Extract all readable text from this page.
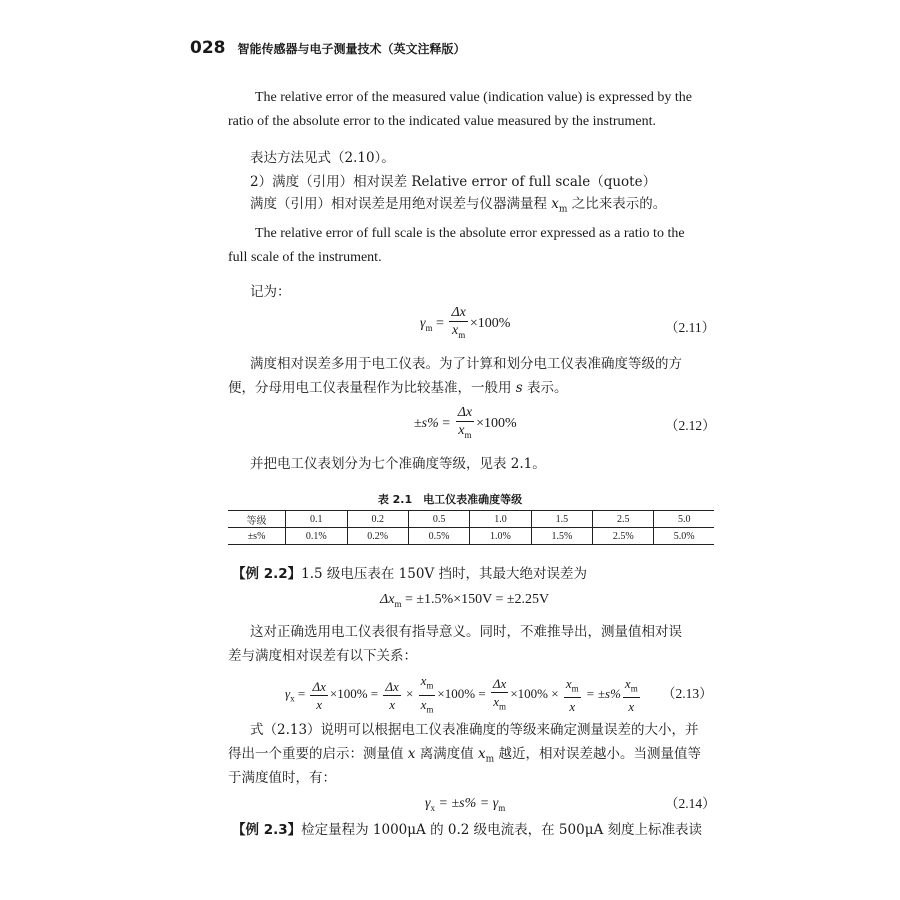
028 智能传感器与电子测量技术（英文注释版）
The relative error of the measured value (indication value) is expressed by the
ratio of the absolute error to the indicated value measured by the instrument.
表达方法见式（2.10）。
2）满度（引用）相对误差 Relative error of full scale（quote）
满度（引用）相对误差是用绝对误差与仪器满量程 $x_m$ 之比来表示的。
The relative error of full scale is the absolute error expressed as a ratio to the
full scale of the instrument.
记为：
$\gamma_m = \frac{\Delta x}{x_m} \times 100\%$	（2.11）
满度相对误差多用于电工仪表。为了计算和划分电工仪表准确度等级的方
便，分母用电工仪表量程作为比较基准，一般用 s 表示。
$\pm s\% = \frac{\Delta x}{x_m} \times 100\%$	（2.12）
并把电工仪表划分为七个准确度等级，见表 2.1。
表 2.1　电工仪表准确度等级
等级	0.1	0.2	0.5	1.0	1.5	2.5	5.0
±s%	0.1%	0.2%	0.5%	1.0%	1.5%	2.5%	5.0%
【例 2.2】1.5 级电压表在 150V 挡时，其最大绝对误差为
$\Delta x_m = \pm 1.5\%\times 150V = \pm 2.25V$
这对正确选用电工仪表很有指导意义。同时，不难推导出，测量值相对误
差与满度相对误差有以下关系：
$\gamma_x = \frac{\Delta x}{x} \times 100\% = \frac{\Delta x}{x} \times \frac{x_m}{x_m} \times 100\% = \frac{\Delta x}{x_m} \times 100\% \times \frac{x_m}{x} = \pm s\% \frac{x_m}{x} (2.13)$
式（2.13）说明可以根据电工仪表准确度的等级来确定测量误差的大小，并
得出一个重要的启示：测量值 x 离满度值 $x_m$ 越近，相对误差越小。当测量值等
于满度值时，有：
$\gamma_x = \pm s\% = \gamma_m$	（2.14）
【例 2.3】检定量程为 1000μA 的 0.2 级电流表，在 500μA 刻度上标准表读
